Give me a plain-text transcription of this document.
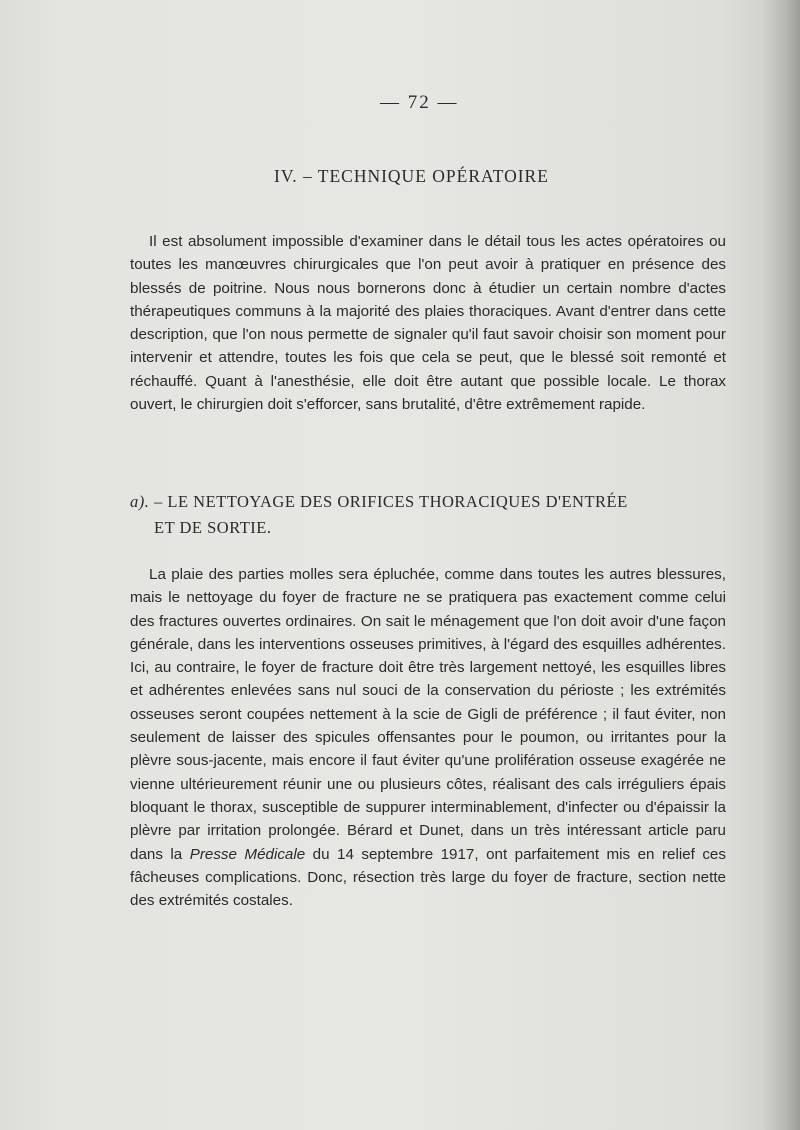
— 72 —
IV. – TECHNIQUE OPÉRATOIRE

Il est absolument impossible d'examiner dans le détail tous les actes opératoires ou toutes les manœuvres chirurgicales que l'on peut avoir à pratiquer en présence des blessés de poitrine. Nous nous bornerons donc à étudier un certain nombre d'actes thérapeutiques communs à la majorité des plaies thoraciques. Avant d'entrer dans cette description, que l'on nous permette de signaler qu'il faut savoir choisir son moment pour intervenir et attendre, toutes les fois que cela se peut, que le blessé soit remonté et réchauffé. Quant à l'anesthésie, elle doit être autant que possible locale. Le thorax ouvert, le chirurgien doit s'efforcer, sans brutalité, d'être extrêmement rapide.

a). – LE NETTOYAGE DES ORIFICES THORACIQUES D'ENTRÉE
ET DE SORTIE.

La plaie des parties molles sera épluchée, comme dans toutes les autres blessures, mais le nettoyage du foyer de fracture ne se pratiquera pas exactement comme celui des fractures ouvertes ordinaires. On sait le ménagement que l'on doit avoir d'une façon générale, dans les interventions osseuses primitives, à l'égard des esquilles adhérentes. Ici, au contraire, le foyer de fracture doit être très largement nettoyé, les esquilles libres et adhérentes enlevées sans nul souci de la conservation du périoste ; les extrémités osseuses seront coupées nettement à la scie de Gigli de préférence ; il faut éviter, non seulement de laisser des spicules offensantes pour le poumon, ou irritantes pour la plèvre sous-jacente, mais encore il faut éviter qu'une prolifération osseuse exagérée ne vienne ultérieurement réunir une ou plusieurs côtes, réalisant des cals irréguliers épais bloquant le thorax, susceptible de suppurer interminablement, d'infecter ou d'épaissir la plèvre par irritation prolongée. Bérard et Dunet, dans un très intéressant article paru dans la Presse Médicale du 14 septembre 1917, ont parfaitement mis en relief ces fâcheuses complications. Donc, résection très large du foyer de fracture, section nette des extrémités costales.
